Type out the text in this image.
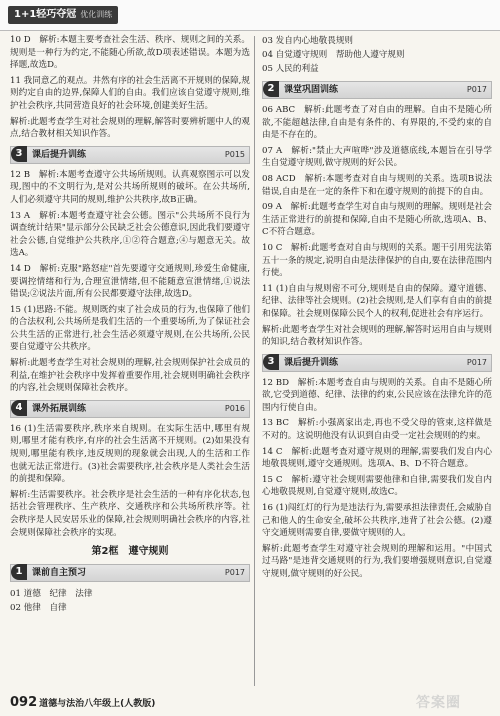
1+1轻巧夺冠 优化训练

10 D　解析:本题主要考查社会生活、秩序、规则之间的关系。规则是一种行为约定,不能随心所欲,故D项表述错误。本题为选择题,故选D。

11 我同意乙的观点。井然有序的社会生活离不开规则的保障,规则约定自由的边界,保障人们的自由。我们应该自觉遵守规则,维护社会秩序,共同营造良好的社会环境,创建美好生活。

解析:此题考查学生对社会规则的理解,解答时要辨析题中人的观点,结合教材相关知识作答。

3	课后提升训练	P015

12 B　解析:本题考查遵守公共场所规则。认真观察图示可以发现,图中的不文明行为,是对公共场所规则的破坏。在公共场所,人们必须遵守共同的规则,维护公共秩序,故B正确。

13 A　解析:本题考查遵守社会公德。图示"公共场所不良行为调查统计结果"显示部分公民缺乏社会公德意识,因此我们要遵守社会公德,自觉维护公共秩序,①②符合题意;④与题意无关。故选A。

14 D　解析:克服"路怒症"首先要遵守交通规则,珍爱生命健康,要调控情绪和行为,合理宣泄情绪,但不能随意宣泄情绪,①说法错误;②说法片面,所有公民都要遵守法律,故选D。

15 (1)思路:不能。规则既约束了社会成员的行为,也保障了他们的合法权利,公共场所是我们生活的一个重要场所,为了保证社会公共生活的正常进行,社会生活必须遵守规则,在公共场所,公民要自觉遵守公共秩序。

解析:此题考查学生对社会规则的理解,社会规则保护社会成员的利益,在维护社会秩序中发挥着重要作用,社会规则明确社会秩序的内容,社会规则保障社会秩序。

4	课外拓展训练	P016

16 (1)生活需要秩序,秩序来自规则。在实际生活中,哪里有规则,哪里才能有秩序,有序的社会生活离不开规则。(2)如果没有规则,哪里能有秩序,违反规则的现象就会出现,人的生活和工作也就无法正常进行。(3)社会需要秩序,社会秩序是人类社会生活的前提和保障。

解析:生活需要秩序。社会秩序是社会生活的一种有序化状态,包括社会管理秩序、生产秩序、交通秩序和公共场所秩序等。社会秩序是人民安居乐业的保障,社会规则明确社会秩序的内容,社会规则保障社会秩序的实现。

第2框　遵守规则
1	课前自主预习	P017
01 道德　纪律　法律
02 他律　自律
03 发自内心地敬畏规则
04 自觉遵守规则　帮助他人遵守规则
05 人民的利益
2	课堂巩固训练	P017

06 ABC　解析:此题考查了对自由的理解。自由不是随心所欲,不能超越法律,自由是有条件的、有界限的,不受约束的自由是不存在的。

07 A　解析:"禁止大声喧哗"涉及道德底线,本题旨在引导学生自觉遵守规则,做守规则的好公民。

08 ACD　解析:本题考查对自由与规则的关系。选项B说法错误,自由是在一定的条件下和在遵守规则的前提下的自由。

09 A　解析:此题考查学生对自由与规则的理解。规则是社会生活正常进行的前提和保障,自由不是随心所欲,选项A、B、C不符合题意。

10 C　解析:此题考查对自由与规则的关系。题干引用宪法第五十一条的规定,说明自由是法律保护的自由,要在法律范围内行使。

11 (1)自由与规则密不可分,规则是自由的保障。遵守道德、纪律、法律等社会规则。(2)社会规则,是人们享有自由的前提和保障。社会规则保障公民个人的权利,促进社会有序运行。

解析:此题考查学生对社会规则的理解,解答时运用自由与规则的知识,结合教材知识作答。

3	课后提升训练	P017

12 BD　解析:本题考查自由与规则的关系。自由不是随心所欲,它受到道德、纪律、法律的约束,公民应该在法律允许的范围内行使自由。

13 BC　解析:小强离家出走,再也不受父母的管束,这样做是不对的。这说明他没有认识到自由受一定社会规则的约束。

14 C　解析:此题考查对遵守规则的理解,需要我们发自内心地敬畏规则,遵守交通规则。选项A、B、D不符合题意。

15 C　解析:遵守社会规则需要他律和自律,需要我们发自内心地敬畏规则,自觉遵守规则,故选C。

16 (1)闯红灯的行为是违法行为,需要承担法律责任,会威胁自己和他人的生命安全,破坏公共秩序,违背了社会公德。(2)遵守交通规则需要自律,要做守规则的人。

解析:此题考查学生对遵守社会规则的理解和运用。"中国式过马路"是违背交通规则的行为,我们要增强规则意识,自觉遵守规则,做守规则的好公民。

092 道德与法治八年级上(人教版)	答案圈
